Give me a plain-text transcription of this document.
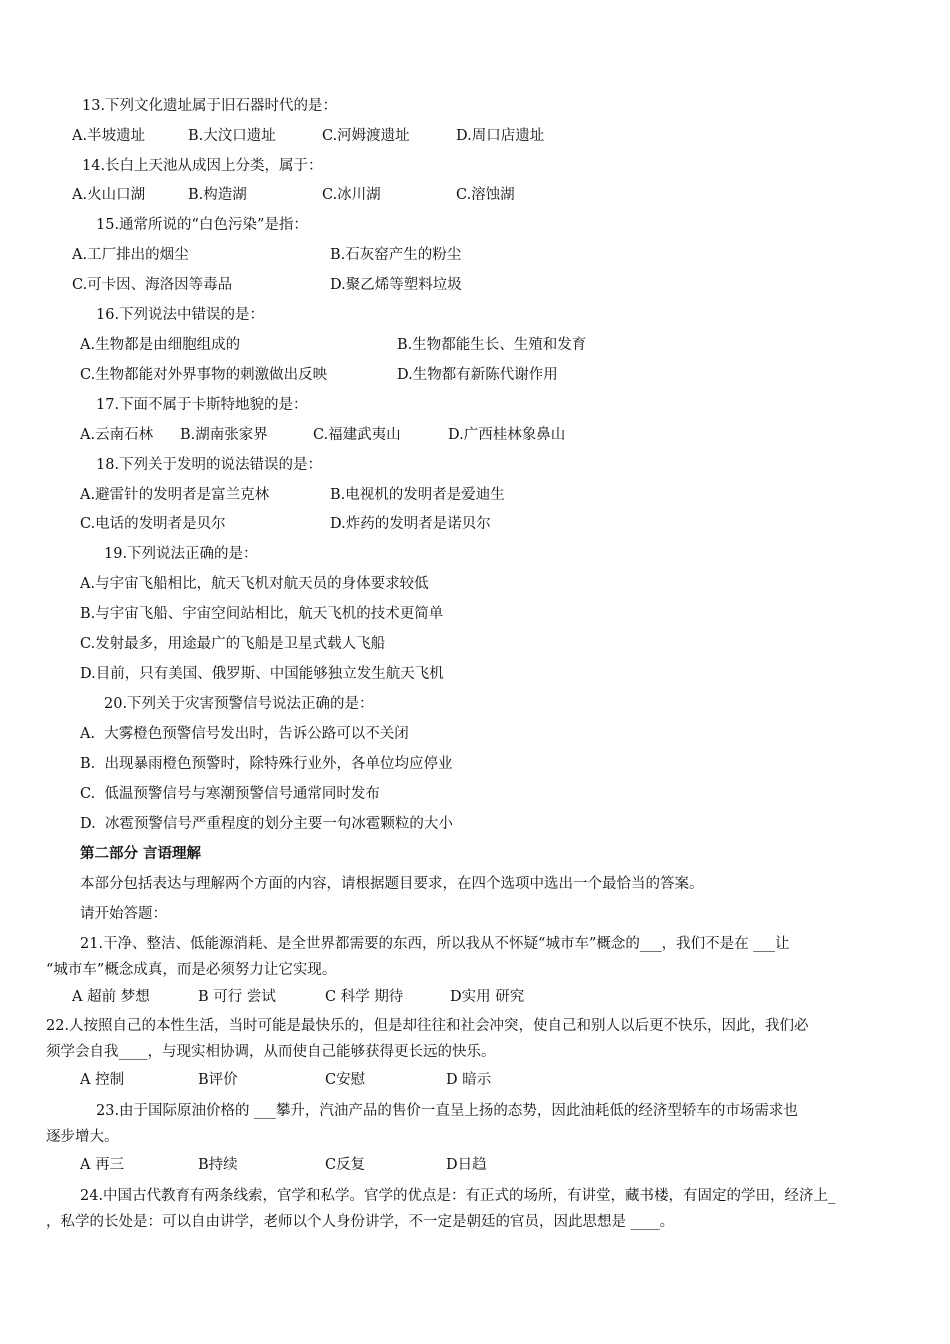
13.下列文化遗址属于旧石器时代的是：
A.半坡遗址	B.大汶口遗址	C.河姆渡遗址	D.周口店遗址
14.长白上天池从成因上分类，属于：
A.火山口湖	B.构造湖	C.冰川湖	C.溶蚀湖
15.通常所说的“白色污染”是指：
A.工厂排出的烟尘	B.石灰窑产生的粉尘
C.可卡因、海洛因等毒品	D.聚乙烯等塑料垃圾
16.下列说法中错误的是：
A.生物都是由细胞组成的	B.生物都能生长、生殖和发育
C.生物都能对外界事物的刺激做出反映	D.生物都有新陈代谢作用
17.下面不属于卡斯特地貌的是：
A.云南石林 B.湖南张家界	C.福建武夷山	D.广西桂林象鼻山
18.下列关于发明的说法错误的是：
A.避雷针的发明者是富兰克林	B.电视机的发明者是爱迪生
C.电话的发明者是贝尔	D.炸药的发明者是诺贝尔
19.下列说法正确的是：
A.与宇宙飞船相比，航天飞机对航天员的身体要求较低
B.与宇宙飞船、宇宙空间站相比，航天飞机的技术更简单
C.发射最多，用途最广的飞船是卫星式载人飞船
D.目前，只有美国、俄罗斯、中国能够独立发生航天飞机
20.下列关于灾害预警信号说法正确的是：
A.  大雾橙色预警信号发出时，告诉公路可以不关闭
B.  出现暴雨橙色预警时，除特殊行业外，各单位均应停业
C.  低温预警信号与寒潮预警信号通常同时发布
D.  冰雹预警信号严重程度的划分主要一句冰雹颗粒的大小
第二部分 言语理解
本部分包括表达与理解两个方面的内容，请根据题目要求，在四个选项中选出一个最恰当的答案。
请开始答题：
21.干净、整洁、低能源消耗、是全世界都需要的东西，所以我从不怀疑“城市车”概念的___，我们不是在 ___让
“城市车”概念成真，而是必须努力让它实现。
A 超前 梦想	B 可行 尝试	C 科学 期待	D实用 研究
22.人按照自己的本性生活，当时可能是最快乐的，但是却往往和社会冲突，使自己和别人以后更不快乐，因此，我们必
须学会自我____，与现实相协调，从而使自己能够获得更长远的快乐。
A 控制	B评价	C安慰	D 暗示
23.由于国际原油价格的 ___攀升，汽油产品的售价一直呈上扬的态势，因此油耗低的经济型轿车的市场需求也
逐步增大。
A 再三	B持续	C反复	D日趋
24.中国古代教育有两条线索，官学和私学。官学的优点是：有正式的场所，有讲堂，藏书楼，有固定的学田，经济上_
，私学的长处是：可以自由讲学，老师以个人身份讲学，不一定是朝廷的官员，因此思想是 ____。
